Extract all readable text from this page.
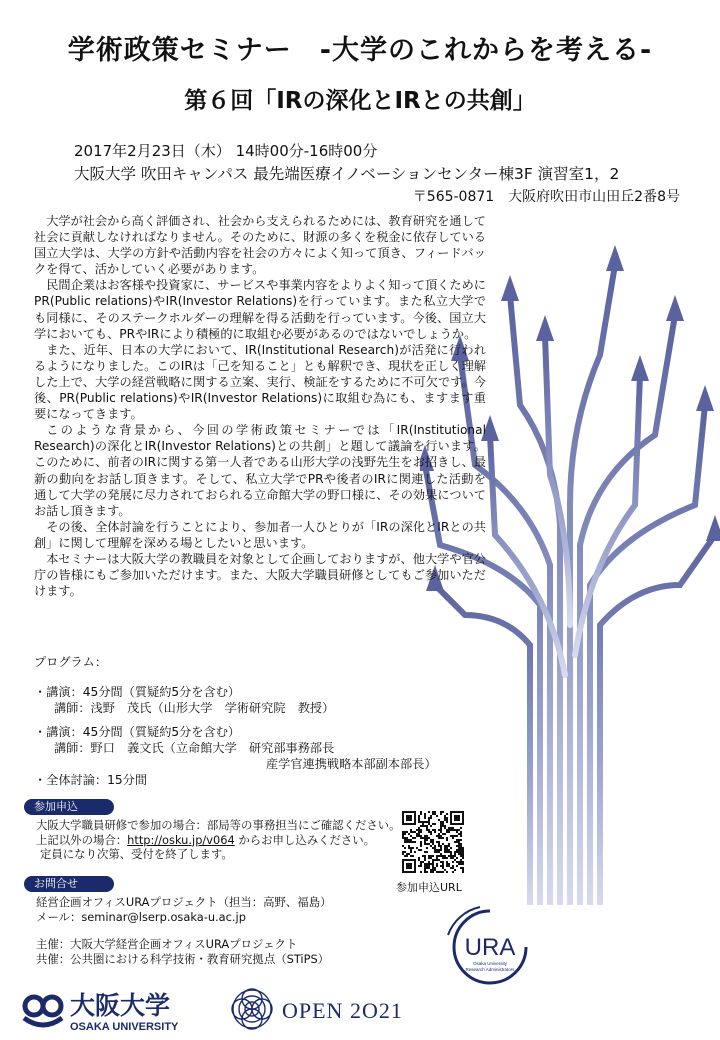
学術政策セミナー　-大学のこれからを考える-
第６回「IRの深化とIRとの共創」
2017年2月23日（木） 14時00分-16時00分
大阪大学 吹田キャンパス 最先端医療イノベーションセンター棟3F 演習室1，2
〒565-0871　大阪府吹田市山田丘2番8号

大学が社会から高く評価され、社会から支えられるためには、教育研究を通して社会に貢献しなければなりません。そのために、財源の多くを税金に依存している国立大学は、大学の方針や活動内容を社会の方々によく知って頂き、フィードバックを得て、活かしていく必要があります。

民間企業はお客様や投資家に、サービスや事業内容をよりよく知って頂くためにPR(Public relations)やIR(Investor Relations)を行っています。また私立大学でも同様に、そのステークホルダーの理解を得る活動を行っています。今後、国立大学においても、PRやIRにより積極的に取組む必要があるのではないでしょうか。

また、近年、日本の大学において、IR(Institutional Research)が活発に行われるようになりました。このIRは「己を知ること」とも解釈でき、現状を正しく理解した上で、大学の経営戦略に関する立案、実行、検証をするために不可欠です。今後、PR(Public relations)やIR(Investor Relations)に取組む為にも、ますます重要になってきます。

このような背景から、今回の学術政策セミナーでは「IR(Institutional Research)の深化とIR(Investor Relations)との共創」と題して議論を行います。このために、前者のIRに関する第一人者である山形大学の浅野先生をお招きし、最新の動向をお話し頂きます。そして、私立大学でPRや後者のIRに関連した活動を通して大学の発展に尽力されておられる立命館大学の野口様に、その効果についてお話し頂きます。

その後、全体討論を行うことにより、参加者一人ひとりが「IRの深化とIRとの共創」に関して理解を深める場としたいと思います。

本セミナーは大阪大学の教職員を対象として企画しておりますが、他大学や官公庁の皆様にもご参加いただけます。また、大阪大学職員研修としてもご参加いただけます。

プログラム：
・講演：45分間（質疑約5分を含む）
講師：浅野　茂氏（山形大学　学術研究院　教授）
・講演：45分間（質疑約5分を含む）
講師：野口　義文氏（立命館大学　研究部事務部長
産学官連携戦略本部副本部長）
・全体討論：15分間
参加申込
大阪大学職員研修で参加の場合：部局等の事務担当にご確認ください。
上記以外の場合：http://osku.jp/v064 からお申し込みください。
定員になり次第、受付を終了します。
参加申込URL
お問合せ
経営企画オフィスURAプロジェクト（担当：高野、福島）
メール：seminar@lserp.osaka-u.ac.jp
主催：大阪大学経営企画オフィスURAプロジェクト
共催：公共圏における科学技術・教育研究拠点（STiPS）	URA
Osaka University
Research Administrators
大阪大学
OSAKA UNIVERSITY
OPEN 2O21
